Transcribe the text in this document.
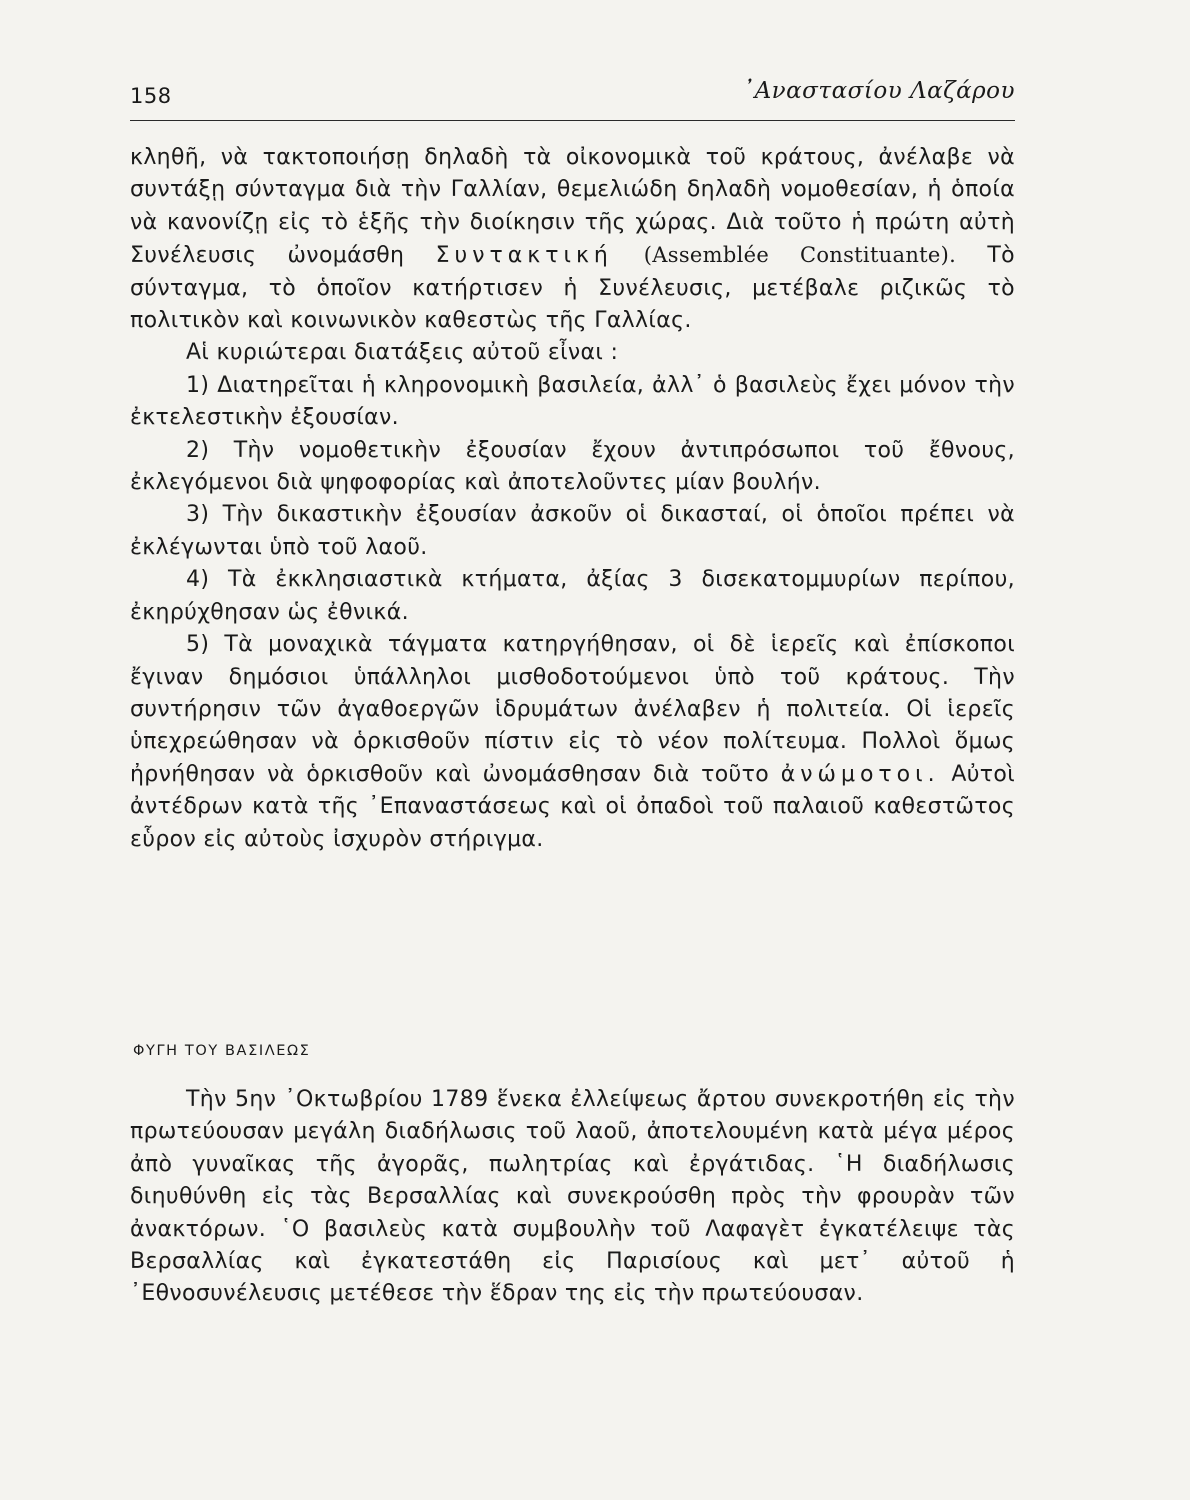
158	᾿Αναστασίου Λαζάρου

κληθῆ, νὰ τακτοποιήσῃ δηλαδὴ τὰ οἰκονομικὰ τοῦ κράτους, ἀνέλαβε νὰ συντάξῃ σύνταγμα διὰ τὴν Γαλλίαν, θεμελιώδη δηλαδὴ νομοθεσίαν, ἡ ὁποία νὰ κανονίζῃ εἰς τὸ ἑξῆς τὴν διοίκησιν τῆς χώρας. Διὰ τοῦτο ἡ πρώτη αὐτὴ Συνέλευσις ὠνομάσθη Συντακτική (Assemblée Constituante). Τὸ σύνταγμα, τὸ ὁποῖον κατήρτισεν ἡ Συνέλευσις, μετέβαλε ριζικῶς τὸ πολιτικὸν καὶ κοινωνικὸν καθεστὼς τῆς Γαλλίας.

Αἱ κυριώτεραι διατάξεις αὐτοῦ εἶναι :

1) Διατηρεῖται ἡ κληρονομικὴ βασιλεία, ἀλλ᾿ ὁ βασιλεὺς ἔχει μόνον τὴν ἐκτελεστικὴν ἐξουσίαν.

2) Τὴν νομοθετικὴν ἐξουσίαν ἔχουν ἀντιπρόσωποι τοῦ ἔθνους, ἐκλεγόμενοι διὰ ψηφοφορίας καὶ ἀποτελοῦντες μίαν βουλήν.

3) Τὴν δικαστικὴν ἐξουσίαν ἀσκοῦν οἱ δικασταί, οἱ ὁποῖοι πρέπει νὰ ἐκλέγωνται ὑπὸ τοῦ λαοῦ.

4) Τὰ ἐκκλησιαστικὰ κτήματα, ἀξίας 3 δισεκατομμυρίων περίπου, ἐκηρύχθησαν ὡς ἐθνικά.

5) Τὰ μοναχικὰ τάγματα κατηργήθησαν, οἱ δὲ ἱερεῖς καὶ ἐπίσκοποι ἔγιναν δημόσιοι ὑπάλληλοι μισθοδοτούμενοι ὑπὸ τοῦ κράτους. Τὴν συντήρησιν τῶν ἀγαθοεργῶν ἱδρυμάτων ἀνέλαβεν ἡ πολιτεία. Οἱ ἱερεῖς ὑπεχρεώθησαν νὰ ὁρκισθοῦν πίστιν εἰς τὸ νέον πολίτευμα. Πολλοὶ ὅμως ἠρνήθησαν νὰ ὁρκισθοῦν καὶ ὠνομάσθησαν διὰ τοῦτο ἀνώμοτοι. Αὐτοὶ ἀντέδρων κατὰ τῆς ᾿Επαναστάσεως καὶ οἱ ὀπαδοὶ τοῦ παλαιοῦ καθεστῶτος εὗρον εἰς αὐτοὺς ἰσχυρὸν στήριγμα.

ΦΥΓΗ ΤΟΥ ΒΑΣΙΛΕΩΣ

Τὴν 5ην ᾿Οκτωβρίου 1789 ἕνεκα ἐλλείψεως ἄρτου συνεκροτήθη εἰς τὴν πρωτεύουσαν μεγάλη διαδήλωσις τοῦ λαοῦ, ἀποτελουμένη κατὰ μέγα μέρος ἀπὸ γυναῖκας τῆς ἀγορᾶς, πωλητρίας καὶ ἐργάτιδας. ῾Η διαδήλωσις διηυθύνθη εἰς τὰς Βερσαλλίας καὶ συνεκρούσθη πρὸς τὴν φρουρὰν τῶν ἀνακτόρων. ῾Ο βασιλεὺς κατὰ συμβουλὴν τοῦ Λαφαγὲτ ἐγκατέλειψε τὰς Βερσαλλίας καὶ ἐγκατεστάθη εἰς Παρισίους καὶ μετ᾿ αὐτοῦ ἡ ᾿Εθνοσυνέλευσις μετέθεσε τὴν ἕδραν της εἰς τὴν πρωτεύουσαν.
